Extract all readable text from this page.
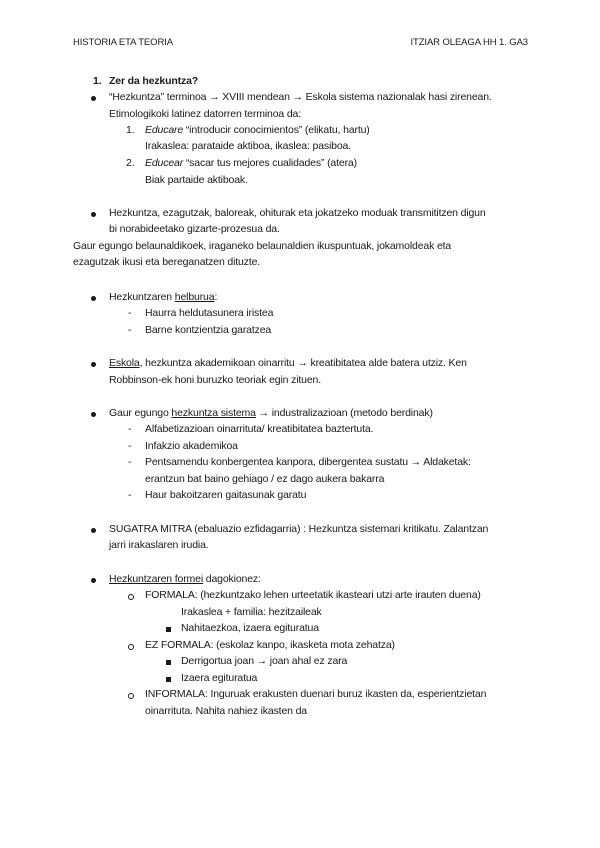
HISTORIA ETA TEORIA	ITZIAR OLEAGA HH 1. GA3
1. Zer da hezkuntza?
“Hezkuntza” terminoa → XVIII mendean → Eskola sistema nazionalak hasi zirenean.
Etimologikoki latinez datorren terminoa da:
1. Educare “introducir conocimientos” (elikatu, hartu)
Irakaslea: parataide aktiboa, ikaslea: pasiboa.
2. Educear “sacar tus mejores cualidades” (atera)
Biak partaide aktiboak.
Hezkuntza, ezagutzak, baloreak, ohiturak eta jokatzeko moduak transmititzen digun
bi norabideetako gizarte-prozesua da.
Gaur egungo belaunaldikoek, iraganeko belaunaldien ikuspuntuak, jokamoldeak eta
ezagutzak ikusi eta bereganatzen dituzte.
Hezkuntzaren helburua:
- Haurra heldutasunera iristea
- Barne kontzientzia garatzea
Eskola, hezkuntza akademikoan oinarritu → kreatibitatea alde batera utziz. Ken
Robbinson-ek honi buruzko teoriak egin zituen.
Gaur egungo hezkuntza sistema → industralizazioan (metodo berdinak)
- Alfabetizazioan oinarrituta/ kreatibitatea baztertuta.
- Infakzio akademikoa
- Pentsamendu konbergentea kanpora, dibergentea sustatu → Aldaketak:
erantzun bat baino gehiago / ez dago aukera bakarra
- Haur bakoitzaren gaitasunak garatu
SUGATRA MITRA (ebaluazio ezfidagarria) : Hezkuntza sistemari kritikatu. Zalantzan
jarri irakaslaren irudia.
Hezkuntzaren formei dagokionez:
FORMALA: (hezkuntzako lehen urteetatik ikasteari utzi arte irauten duena)
Irakaslea + familia: hezitzaileak
Nahitaezkoa, izaera egituratua
EZ FORMALA: (eskolaz kanpo, ikasketa mota zehatza)
Derrigortua joan → joan ahal ez zara
Izaera egituratua
INFORMALA: Inguruak erakusten duenari buruz ikasten da, esperientzietan
oinarrituta. Nahita nahiez ikasten da
